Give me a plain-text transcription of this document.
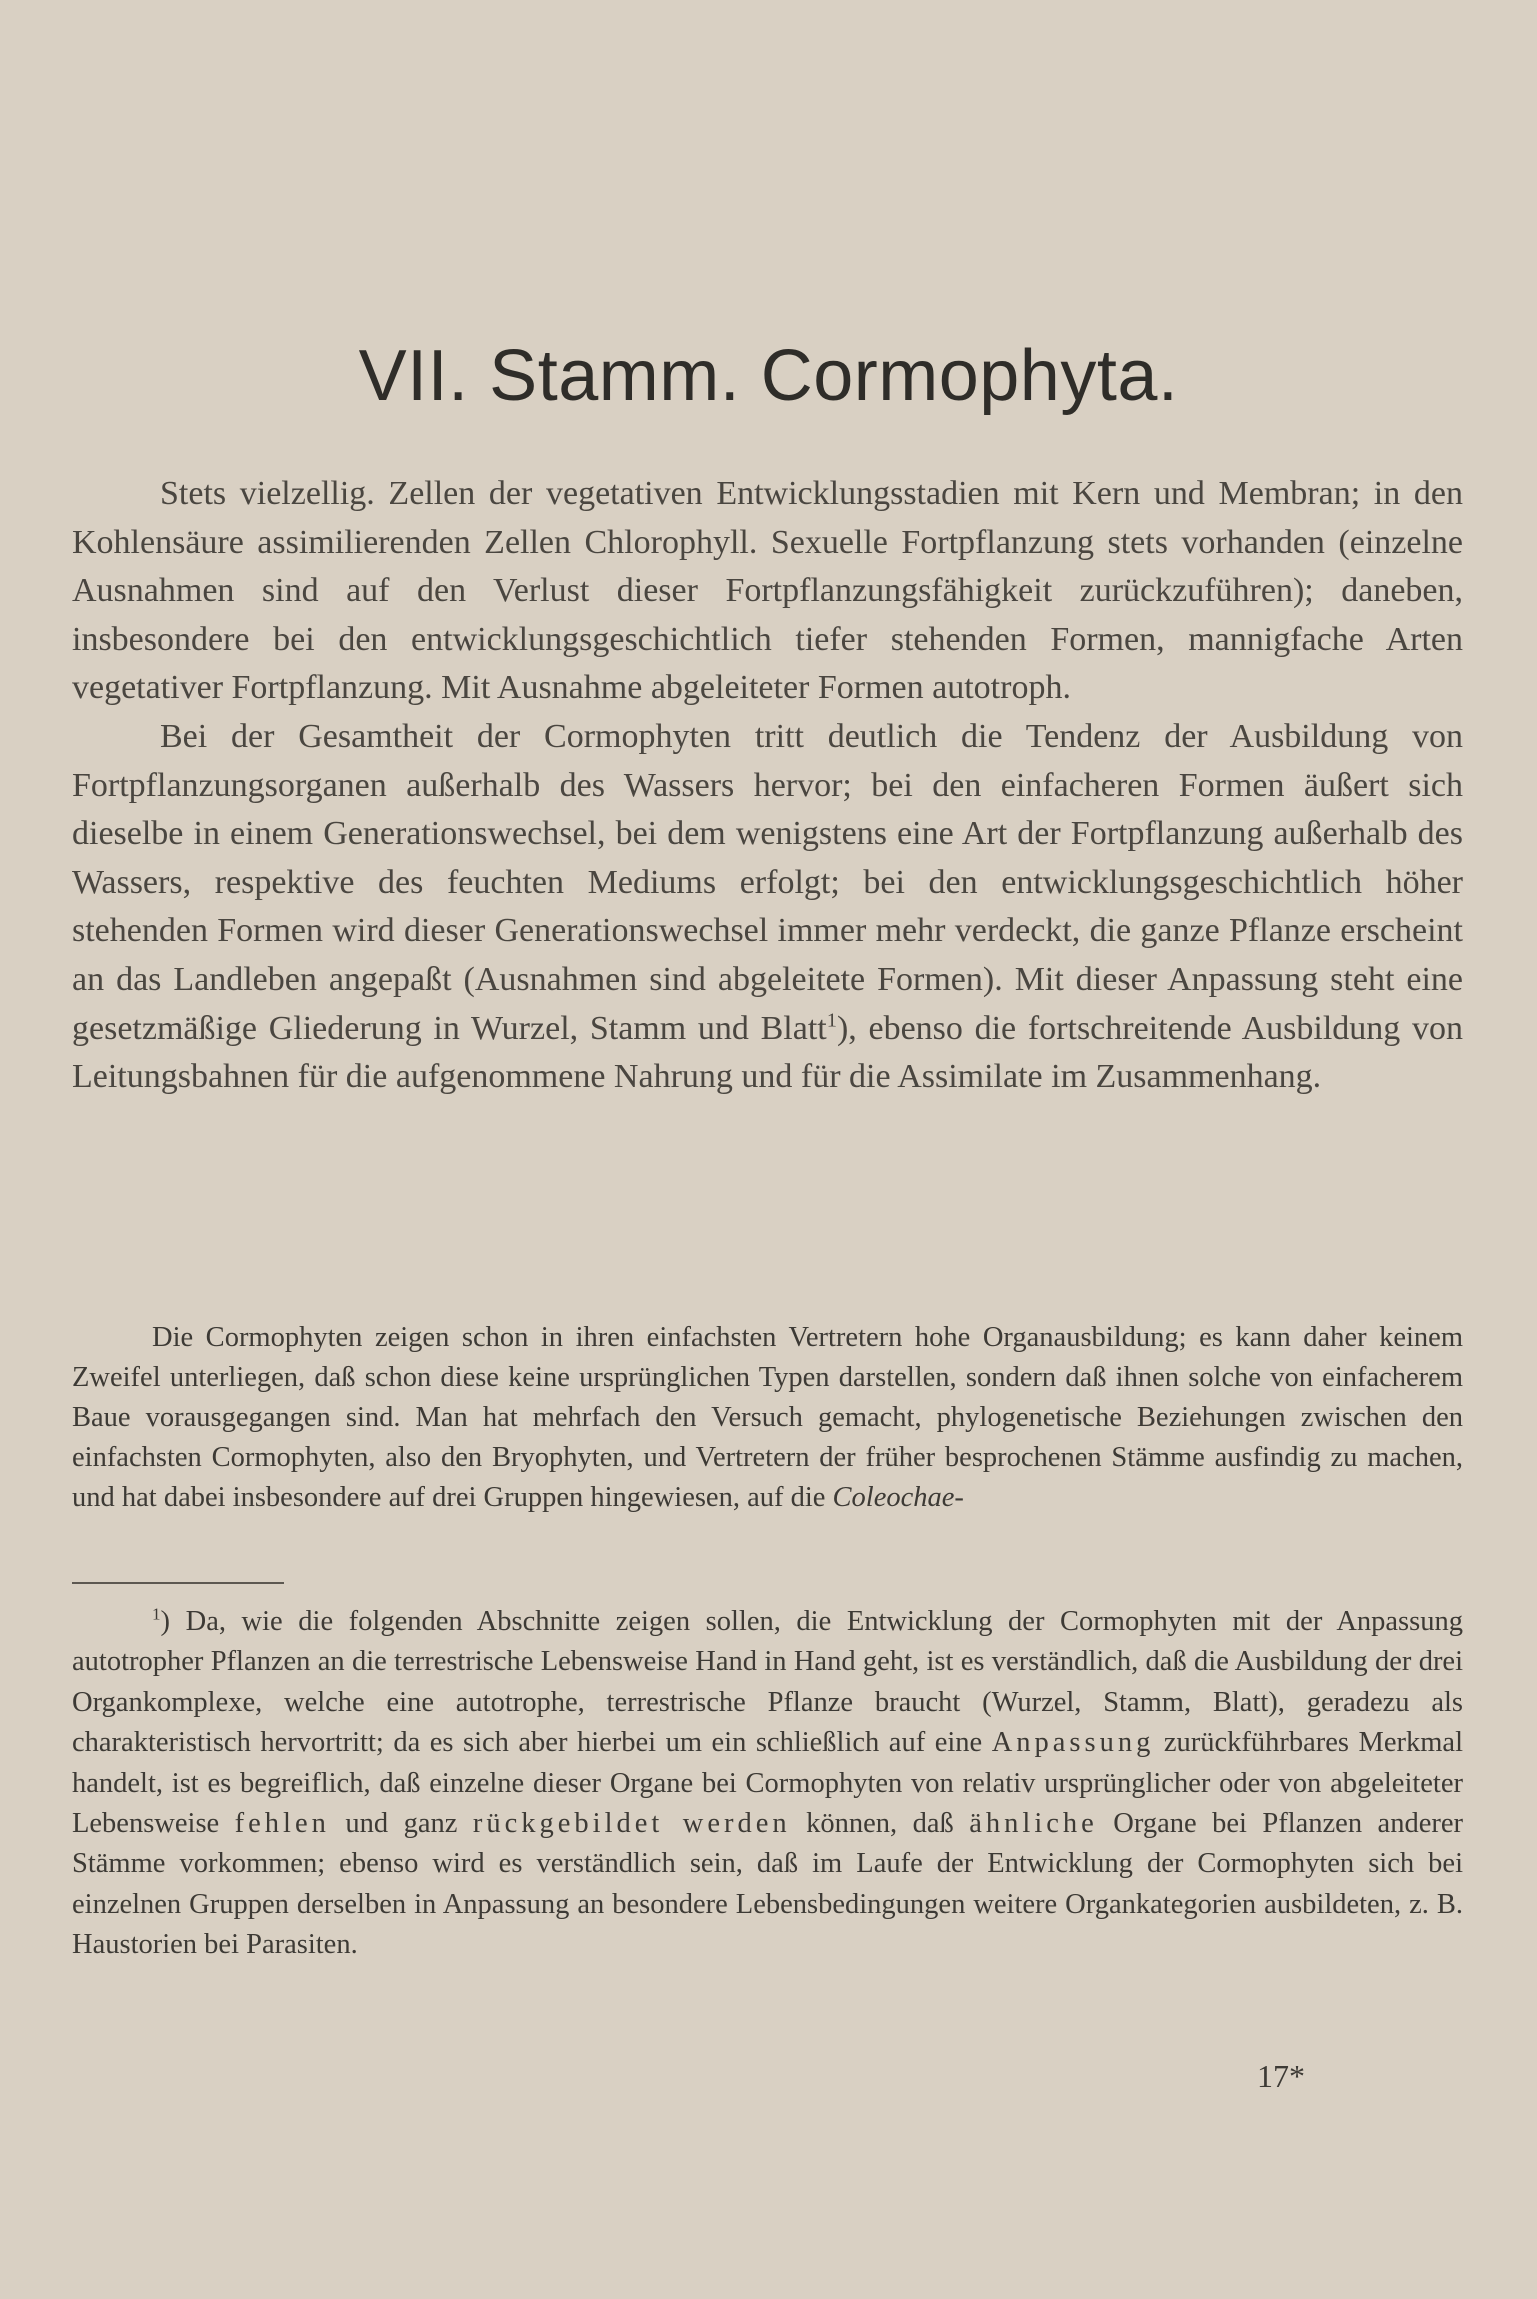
VII. Stamm. Cormophyta.

Stets vielzellig. Zellen der vegetativen Entwicklungsstadien mit Kern und Membran; in den Kohlensäure assimilierenden Zellen Chlorophyll. Sexuelle Fortpflanzung stets vorhanden (einzelne Ausnahmen sind auf den Verlust dieser Fortpflanzungsfähigkeit zurückzuführen); daneben, insbesondere bei den entwicklungsgeschichtlich tiefer stehenden Formen, mannigfache Arten vegetativer Fortpflanzung. Mit Ausnahme abgeleiteter Formen autotroph.

Bei der Gesamtheit der Cormophyten tritt deutlich die Tendenz der Ausbildung von Fortpflanzungsorganen außerhalb des Wassers hervor; bei den einfacheren Formen äußert sich dieselbe in einem Generationswechsel, bei dem wenigstens eine Art der Fortpflanzung außerhalb des Wassers, respektive des feuchten Mediums erfolgt; bei den entwicklungsgeschichtlich höher stehenden Formen wird dieser Generationswechsel immer mehr verdeckt, die ganze Pflanze erscheint an das Landleben angepaßt (Ausnahmen sind abgeleitete Formen). Mit dieser Anpassung steht eine gesetzmäßige Gliederung in Wurzel, Stamm und Blatt$^1$), ebenso die fortschreitende Ausbildung von Leitungsbahnen für die aufgenommene Nahrung und für die Assimilate im Zusammenhang.

Die Cormophyten zeigen schon in ihren einfachsten Vertretern hohe Organausbildung; es kann daher keinem Zweifel unterliegen, daß schon diese keine ursprünglichen Typen darstellen, sondern daß ihnen solche von einfacherem Baue vorausgegangen sind. Man hat mehrfach den Versuch gemacht, phylogenetische Beziehungen zwischen den einfachsten Cormophyten, also den Bryophyten, und Vertretern der früher besprochenen Stämme ausfindig zu machen, und hat dabei insbesondere auf drei Gruppen hingewiesen, auf die Coleochae-

$^1$) Da, wie die folgenden Abschnitte zeigen sollen, die Entwicklung der Cormophyten mit der Anpassung autotropher Pflanzen an die terrestrische Lebensweise Hand in Hand geht, ist es verständlich, daß die Ausbildung der drei Organkomplexe, welche eine autotrophe, terrestrische Pflanze braucht (Wurzel, Stamm, Blatt), geradezu als charakteristisch hervortritt; da es sich aber hierbei um ein schließlich auf eine Anpassung zurückführbares Merkmal handelt, ist es begreiflich, daß einzelne dieser Organe bei Cormophyten von relativ ursprünglicher oder von abgeleiteter Lebensweise fehlen und ganz rückgebildet werden können, daß ähnliche Organe bei Pflanzen anderer Stämme vorkommen; ebenso wird es verständlich sein, daß im Laufe der Entwicklung der Cormophyten sich bei einzelnen Gruppen derselben in Anpassung an besondere Lebensbedingungen weitere Organkategorien ausbildeten, z. B. Haustorien bei Parasiten.

17*
